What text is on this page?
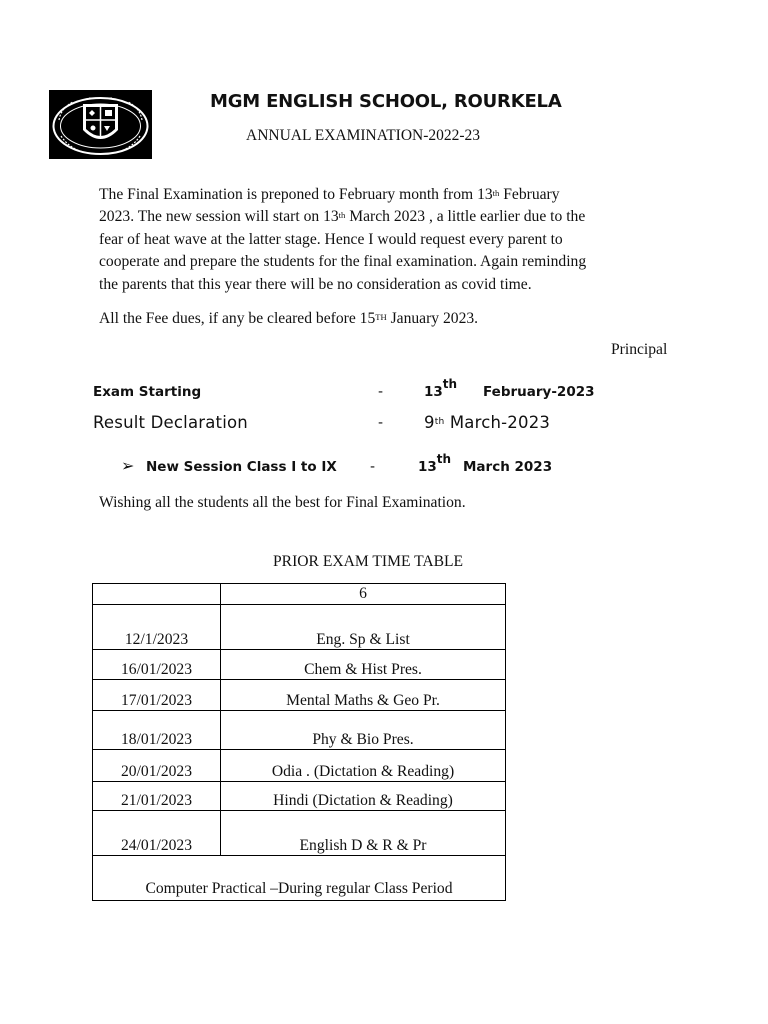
MGM ENGLISH SCHOOL, ROURKELA
ANNUAL EXAMINATION-2022-23

The Final Examination is preponed to February month from 13th February

2023. The new session will start on 13th March 2023 , a little earlier due to the

fear of heat wave at the latter stage. Hence I would request every parent to

cooperate and prepare the students for the final examination. Again reminding

the parents that this year there will be no consideration as covid time.

All the Fee dues, if any be cleared before 15TH January 2023.
Principal
Exam Starting	-	13th February-2023
Result Declaration	- 9th March-2023
➢ New Session Class I to IX -	13th March 2023
Wishing all the students all the best for Final Examination.
PRIOR EXAM TIME TABLE
	6
12/1/2023	Eng. Sp & List
16/01/2023	Chem & Hist Pres.
17/01/2023	Mental Maths & Geo Pr.
18/01/2023	Phy & Bio Pres.
20/01/2023	Odia . (Dictation & Reading)
21/01/2023	Hindi (Dictation & Reading)
24/01/2023	English D & R & Pr
Computer Practical –During regular Class Period	
